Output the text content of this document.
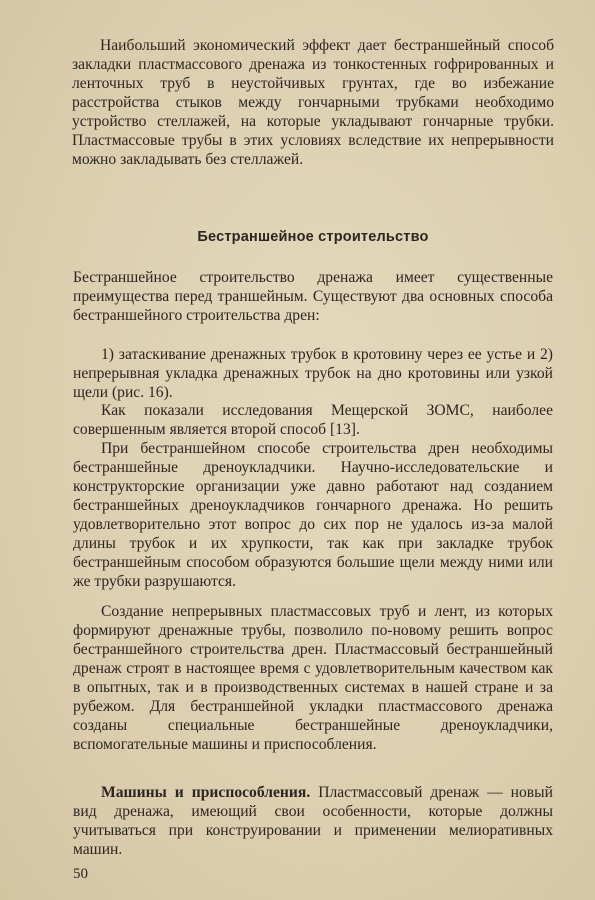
Наибольший экономический эффект дает бестраншейный способ закладки пластмассового дренажа из тонкостенных гофрированных и ленточных труб в неустойчивых грунтах, где во избежание расстройства стыков между гончарными трубками необходимо устройство стеллажей, на которые укладывают гончарные трубки. Пластмассовые трубы в этих условиях вследствие их непрерывности можно закладывать без стеллажей.

Бестраншейное строительство

Бестраншейное строительство дренажа имеет существенные преимущества перед траншейным. Существуют два основных способа бестраншейного строительства дрен:

1) затаскивание дренажных трубок в кротовину через ее устье и 2) непрерывная укладка дренажных трубок на дно кротовины или узкой щели (рис. 16).

Как показали исследования Мещерской ЗОМС, наиболее совершенным является второй способ [13].

При бестраншейном способе строительства дрен необходимы бестраншейные дреноукладчики. Научно-исследовательские и конструкторские организации уже давно работают над созданием бестраншейных дреноукладчиков гончарного дренажа. Но решить удовлетворительно этот вопрос до сих пор не удалось из-за малой длины трубок и их хрупкости, так как при закладке трубок бестраншейным способом образуются большие щели между ними или же трубки разрушаются.

Создание непрерывных пластмассовых труб и лент, из которых формируют дренажные трубы, позволило по-новому решить вопрос бестраншейного строительства дрен. Пластмассовый бестраншейный дренаж строят в настоящее время с удовлетворительным качеством как в опытных, так и в производственных системах в нашей стране и за рубежом. Для бестраншейной укладки пластмассового дренажа созданы специальные бестраншейные дреноукладчики, вспомогательные машины и приспособления.

Машины и приспособления. Пластмассовый дренаж — новый вид дренажа, имеющий свои особенности, которые должны учитываться при конструировании и применении мелиоративных машин.

50
